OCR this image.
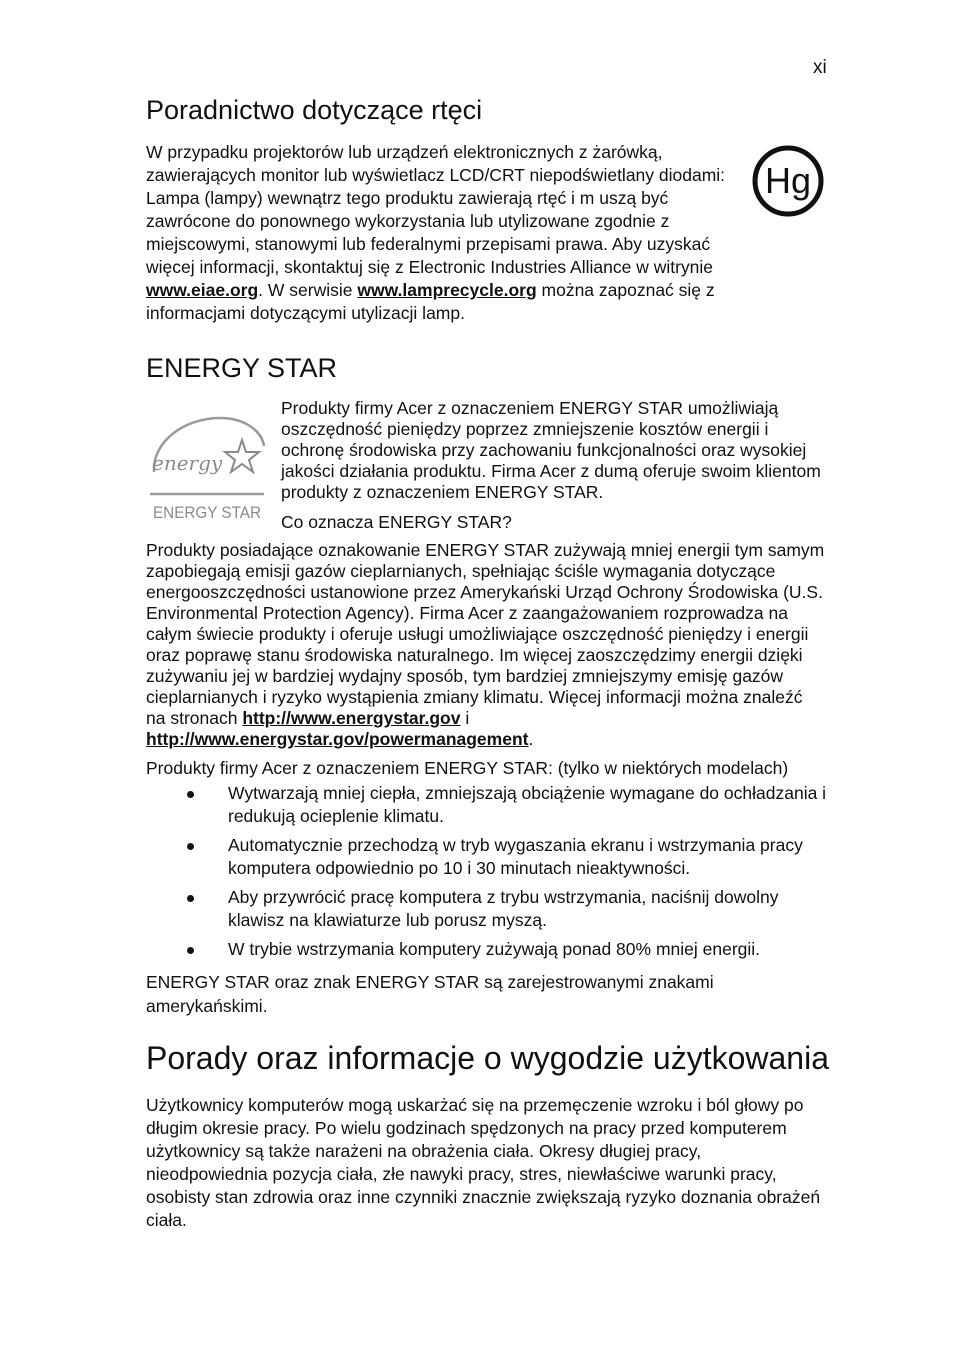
xi
Poradnictwo dotyczące rtęci

W przypadku projektorów lub urządzeń elektronicznych z żarówką, zawierających monitor lub wyświetlacz LCD/CRT niepodświetlany diodami: Lampa (lampy) wewnątrz tego produktu zawierają rtęć i m uszą być zawrócone do ponownego wykorzystania lub utylizowane zgodnie z miejscowymi, stanowymi lub federalnymi przepisami prawa. Aby uzyskać więcej informacji, skontaktuj się z Electronic Industries Alliance w witrynie www.eiae.org. W serwisie www.lamprecycle.org można zapoznać się z informacjami dotyczącymi utylizacji lamp.

Hg
ENERGY STAR
energy
ENERGY STAR

Produkty firmy Acer z oznaczeniem ENERGY STAR umożliwiają oszczędność pieniędzy poprzez zmniejszenie kosztów energii i ochronę środowiska przy zachowaniu funkcjonalności oraz wysokiej jakości działania produktu. Firma Acer z dumą oferuje swoim klientom produkty z oznaczeniem ENERGY STAR.

Co oznacza ENERGY STAR?

Produkty posiadające oznakowanie ENERGY STAR zużywają mniej energii tym samym zapobiegają emisji gazów cieplarnianych, spełniając ściśle wymagania dotyczące energooszczędności ustanowione przez Amerykański Urząd Ochrony Środowiska (U.S. Environmental Protection Agency). Firma Acer z zaangażowaniem rozprowadza na całym świecie produkty i oferuje usługi umożliwiające oszczędność pieniędzy i energii oraz poprawę stanu środowiska naturalnego. Im więcej zaoszczędzimy energii dzięki zużywaniu jej w bardziej wydajny sposób, tym bardziej zmniejszymy emisję gazów cieplarnianych i ryzyko wystąpienia zmiany klimatu. Więcej informacji można znaleźć na stronach http://www.energystar.gov i http://www.energystar.gov/powermanagement.

Produkty firmy Acer z oznaczeniem ENERGY STAR: (tylko w niektórych modelach)

Wytwarzają mniej ciepła, zmniejszają obciążenie wymagane do ochładzania i redukują ocieplenie klimatu.
Automatycznie przechodzą w tryb wygaszania ekranu i wstrzymania pracy komputera odpowiednio po 10 i 30 minutach nieaktywności.
Aby przywrócić pracę komputera z trybu wstrzymania, naciśnij dowolny klawisz na klawiaturze lub porusz myszą.
W trybie wstrzymania komputery zużywają ponad 80% mniej energii.

ENERGY STAR oraz znak ENERGY STAR są zarejestrowanymi znakami amerykańskimi.

Porady oraz informacje o wygodzie użytkowania

Użytkownicy komputerów mogą uskarżać się na przemęczenie wzroku i ból głowy po długim okresie pracy. Po wielu godzinach spędzonych na pracy przed komputerem użytkownicy są także narażeni na obrażenia ciała. Okresy długiej pracy, nieodpowiednia pozycja ciała, złe nawyki pracy, stres, niewłaściwe warunki pracy, osobisty stan zdrowia oraz inne czynniki znacznie zwiększają ryzyko doznania obrażeń ciała.
